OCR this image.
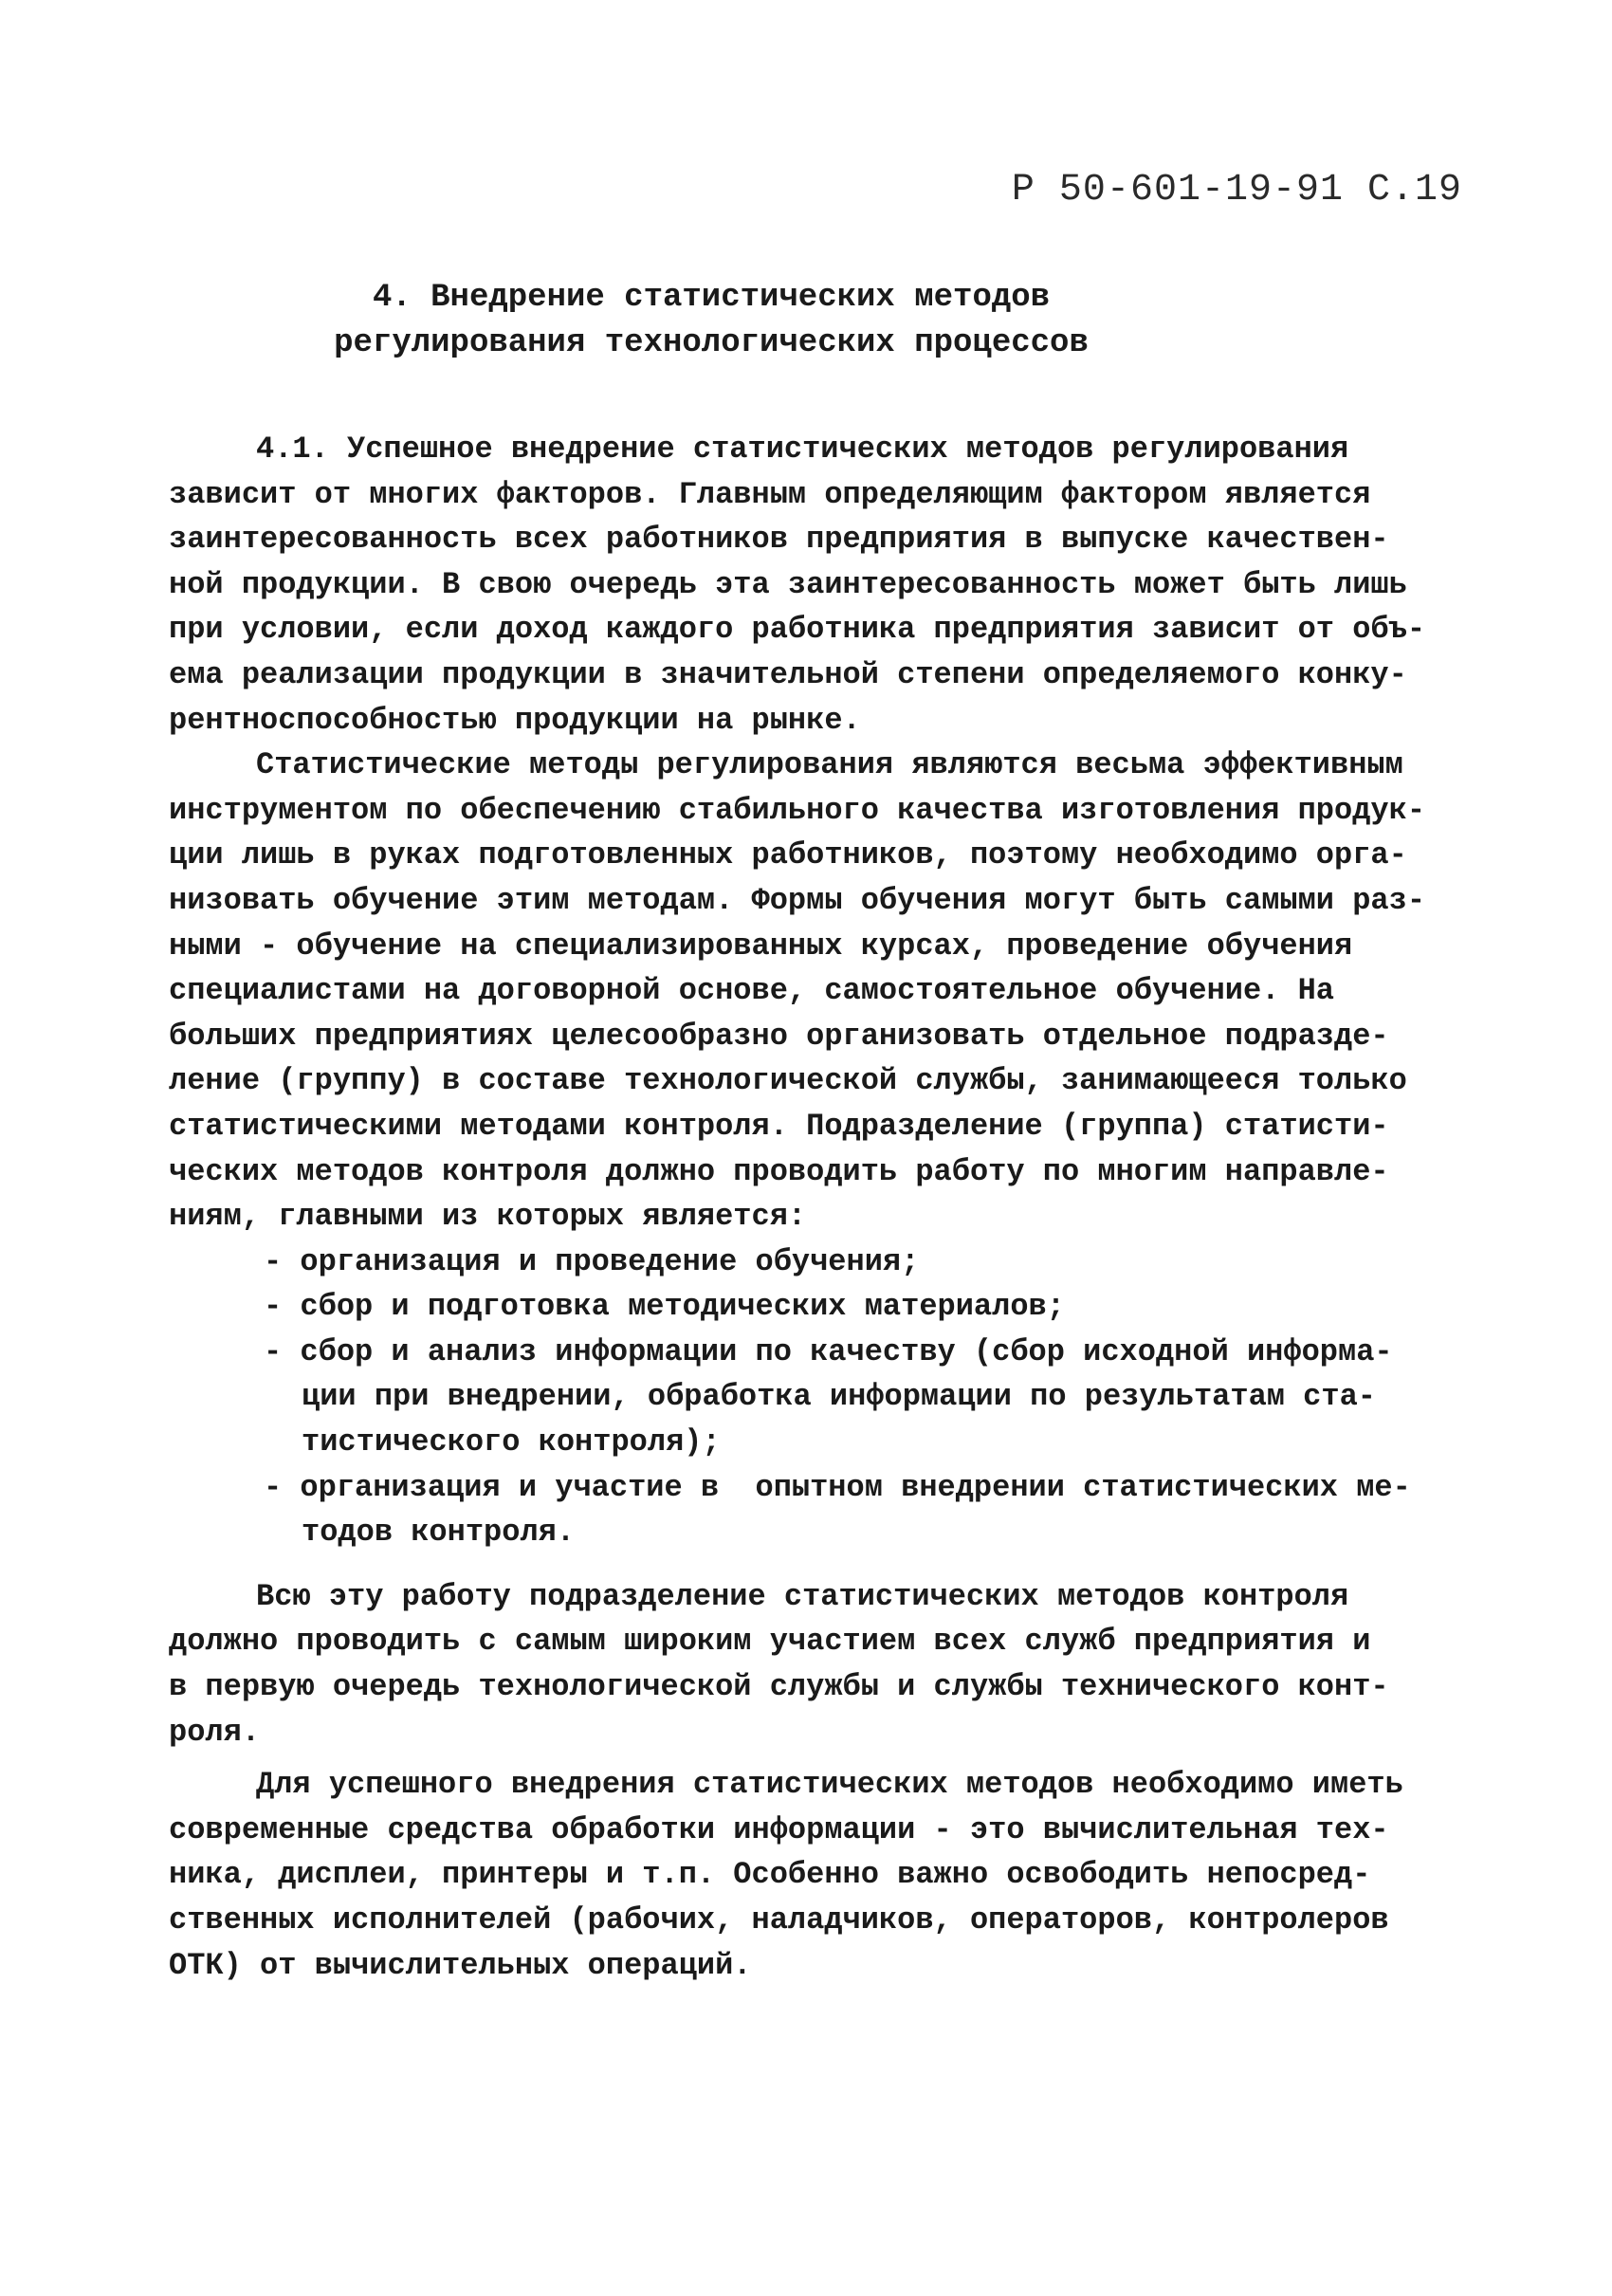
Р 50-601-19-91 С.19
4. Внедрение статистических методов
регулирования технологических процессов
4.1. Успешное внедрение статистических методов регулирования
зависит от многих факторов. Главным определяющим фактором является
заинтересованность всех работников предприятия в выпуске качествен-
ной продукции. В свою очередь эта заинтересованность может быть лишь
при условии, если доход каждого работника предприятия зависит от объ-
ема реализации продукции в значительной степени определяемого конку-
рентноспособностью продукции на рынке.
Статистические методы регулирования являются весьма эффективным
инструментом по обеспечению стабильного качества изготовления продук-
ции лишь в руках подготовленных работников, поэтому необходимо орга-
низовать обучение этим методам. Формы обучения могут быть самыми раз-
ными - обучение на специализированных курсах, проведение обучения
специалистами на договорной основе, самостоятельное обучение. На
больших предприятиях целесообразно организовать отдельное подразде-
ление (группу) в составе технологической службы, занимающееся только
статистическими методами контроля. Подразделение (группа) статисти-
ческих методов контроля должно проводить работу по многим направле-
ниям, главными из которых является:
- организация и проведение обучения;
- сбор и подготовка методических материалов;
- сбор и анализ информации по качеству (сбор исходной информа-
ции при внедрении, обработка информации по результатам ста-
тистического контроля);
- организация и участие в  опытном внедрении статистических ме-
тодов контроля.
Всю эту работу подразделение статистических методов контроля
должно проводить с самым широким участием всех служб предприятия и
в первую очередь технологической службы и службы технического конт-
роля.
Для успешного внедрения статистических методов необходимо иметь
современные средства обработки информации - это вычислительная тех-
ника, дисплеи, принтеры и т.п. Особенно важно освободить непосред-
ственных исполнителей (рабочих, наладчиков, операторов, контролеров
ОТК) от вычислительных операций.
